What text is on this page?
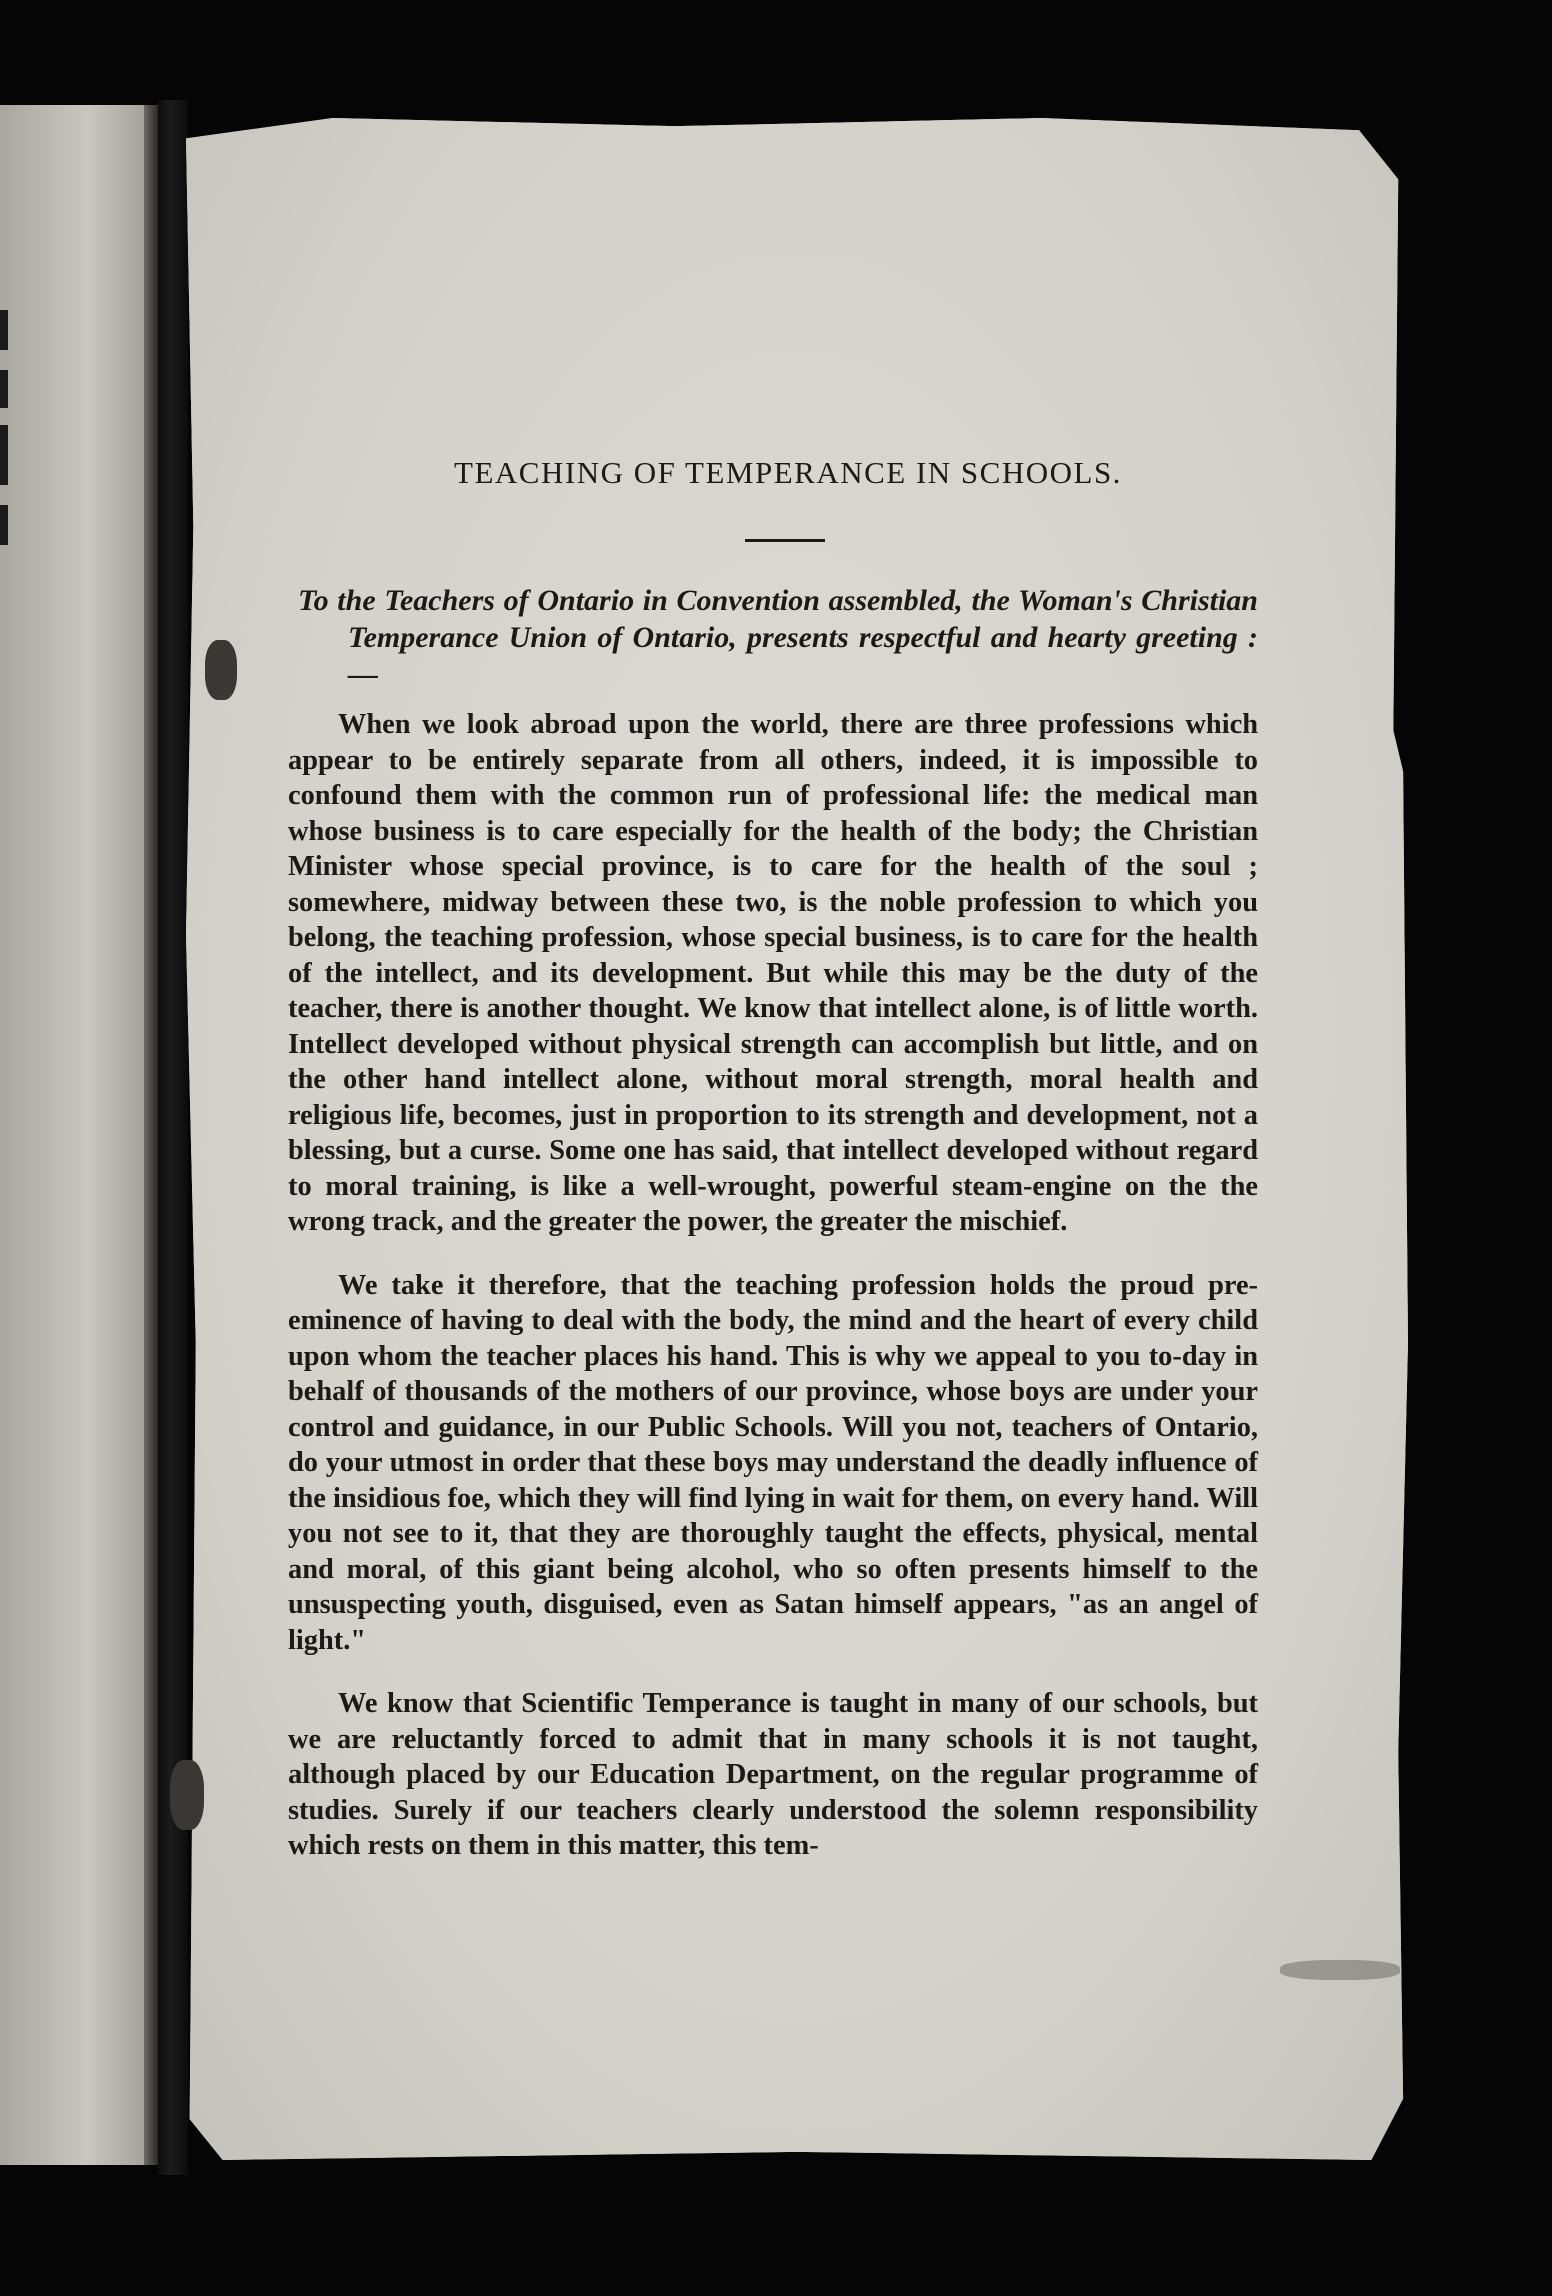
TEACHING OF TEMPERANCE IN SCHOOLS.

To the Teachers of Ontario in Convention assembled, the Woman's Christian Temperance Union of Ontario, presents respectful and hearty greeting :—

When we look abroad upon the world, there are three professions which appear to be entirely separate from all others, indeed, it is impossible to confound them with the common run of professional life: the medical man whose business is to care especially for the health of the body; the Christian Minister whose special province, is to care for the health of the soul ; somewhere, midway between these two, is the noble profession to which you belong, the teaching profession, whose special business, is to care for the health of the intellect, and its development. But while this may be the duty of the teacher, there is another thought. We know that intellect alone, is of little worth. Intellect developed without physical strength can accomplish but little, and on the other hand intellect alone, without moral strength, moral health and religious life, becomes, just in proportion to its strength and development, not a blessing, but a curse. Some one has said, that intellect developed without regard to moral training, is like a well-wrought, powerful steam-engine on the the wrong track, and the greater the power, the greater the mischief.

We take it therefore, that the teaching profession holds the proud pre-eminence of having to deal with the body, the mind and the heart of every child upon whom the teacher places his hand. This is why we appeal to you to-day in behalf of thousands of the mothers of our province, whose boys are under your control and guidance, in our Public Schools. Will you not, teachers of Ontario, do your utmost in order that these boys may understand the deadly influence of the insidious foe, which they will find lying in wait for them, on every hand. Will you not see to it, that they are thoroughly taught the effects, physical, mental and moral, of this giant being alcohol, who so often presents himself to the unsuspecting youth, disguised, even as Satan himself appears, "as an angel of light."

We know that Scientific Temperance is taught in many of our schools, but we are reluctantly forced to admit that in many schools it is not taught, although placed by our Education Department, on the regular programme of studies. Surely if our teachers clearly understood the solemn responsibility which rests on them in this matter, this tem-
